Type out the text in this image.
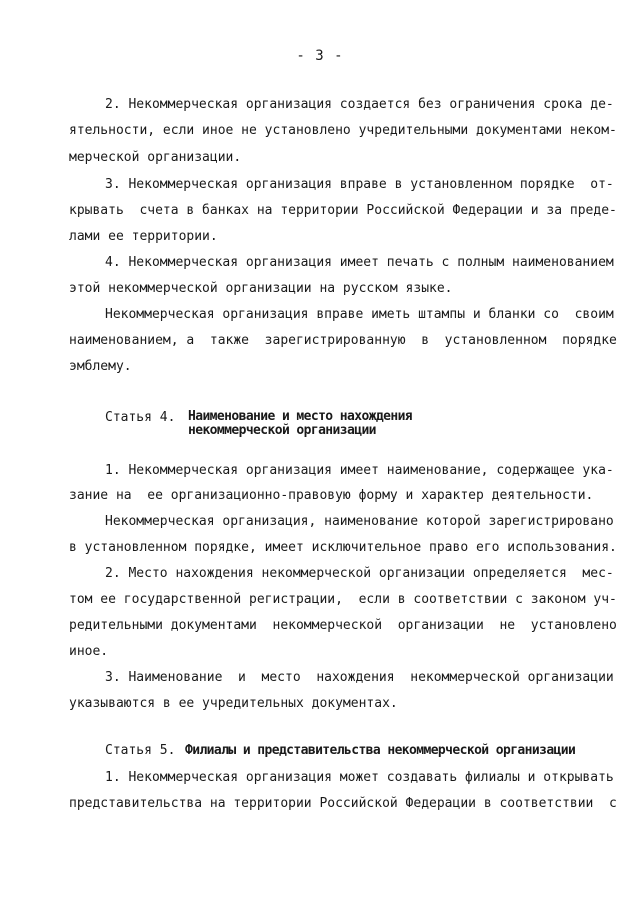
- 3 -
2. Некоммерческая организация создается без ограничения срока де-
ятельности, если иное не установлено учредительными документами неком-
мерческой организации.
3. Некоммерческая организация вправе в установленном порядке  от-
крывать  счета в банках на территории Российской Федерации и за преде-
лами ее территории.
4. Некоммерческая организация имеет печать с полным наименованием
этой некоммерческой организации на русском языке.
Некоммерческая организация вправе иметь штампы и бланки со  своим
наименованием, а  также  зарегистрированную  в  установленном  порядке
эмблему.
Статья 4. Наименование и место нахождения
некоммерческой организации
1. Некоммерческая организация имеет наименование, содержащее ука-
зание на  ее организационно-правовую форму и характер деятельности.
Некоммерческая организация, наименование которой зарегистрировано
в установленном порядке, имеет исключительное право его использования.
2. Место нахождения некоммерческой организации определяется  мес-
том ее государственной регистрации,  если в соответствии с законом уч-
редительными документами  некоммерческой  организации  не  установлено
иное.
3. Наименование  и  место  нахождения  некоммерческой организации
указываются в ее учредительных документах.
Статья 5. Филиалы и представительства некоммерческой организации
1. Некоммерческая организация может создавать филиалы и открывать
представительства на территории Российской Федерации в соответствии  с
